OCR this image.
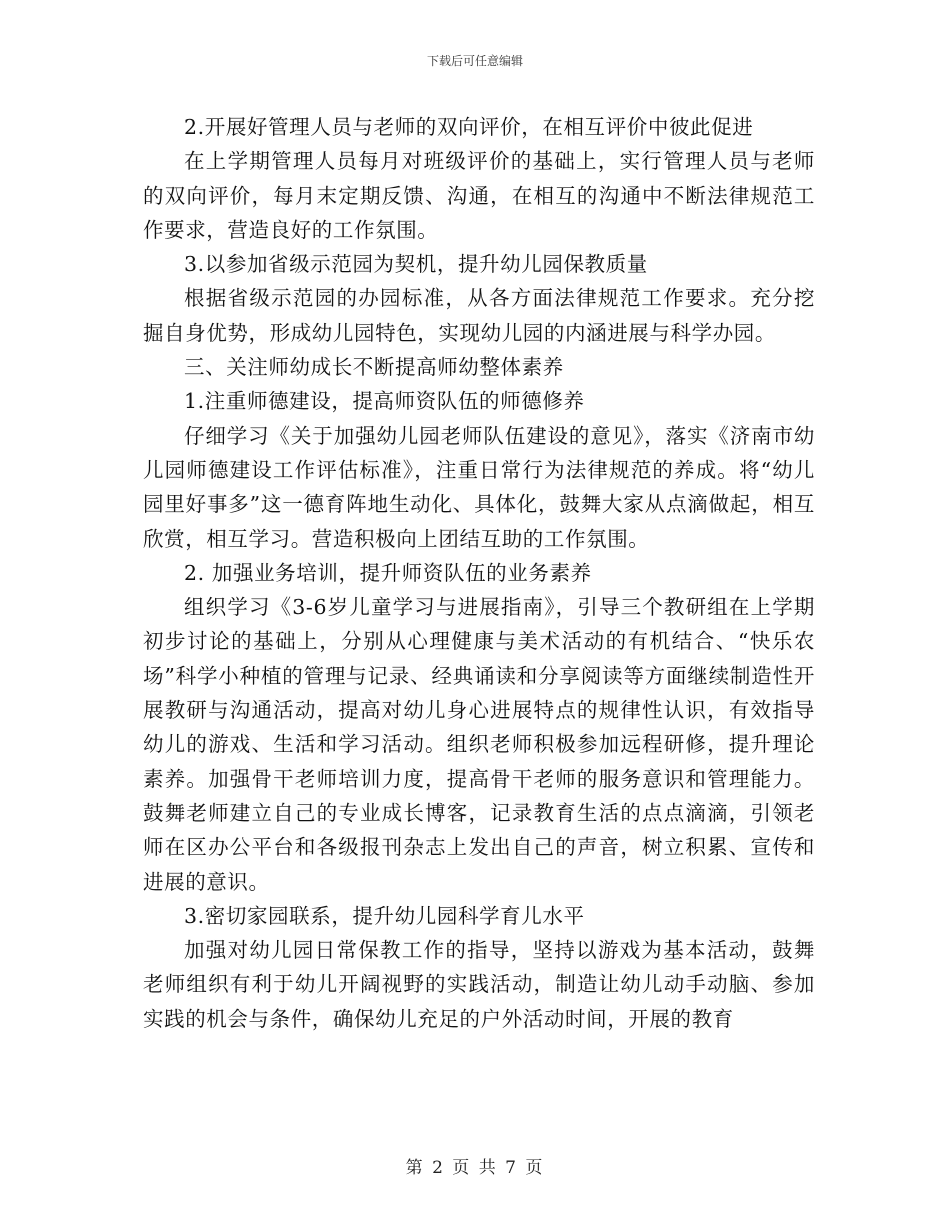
下载后可任意编辑

2.开展好管理人员与老师的双向评价，在相互评价中彼此促进

在上学期管理人员每月对班级评价的基础上，实行管理人员与老师的双向评价，每月末定期反馈、沟通，在相互的沟通中不断法律规范工作要求，营造良好的工作氛围。

3.以参加省级示范园为契机，提升幼儿园保教质量

根据省级示范园的办园标准，从各方面法律规范工作要求。充分挖掘自身优势，形成幼儿园特色，实现幼儿园的内涵进展与科学办园。

三、关注师幼成长不断提高师幼整体素养

1.注重师德建设，提高师资队伍的师德修养

仔细学习《关于加强幼儿园老师队伍建设的意见》，落实《济南市幼儿园师德建设工作评估标准》，注重日常行为法律规范的养成。将“幼儿园里好事多”这一德育阵地生动化、具体化，鼓舞大家从点滴做起，相互欣赏，相互学习。营造积极向上团结互助的工作氛围。

2. 加强业务培训，提升师资队伍的业务素养

组织学习《3-6岁儿童学习与进展指南》，引导三个教研组在上学期初步讨论的基础上，分别从心理健康与美术活动的有机结合、“快乐农场”科学小种植的管理与记录、经典诵读和分享阅读等方面继续制造性开展教研与沟通活动，提高对幼儿身心进展特点的规律性认识，有效指导幼儿的游戏、生活和学习活动。组织老师积极参加远程研修，提升理论素养。加强骨干老师培训力度，提高骨干老师的服务意识和管理能力。鼓舞老师建立自己的专业成长博客，记录教育生活的点点滴滴，引领老师在区办公平台和各级报刊杂志上发出自己的声音，树立积累、宣传和进展的意识。

3.密切家园联系，提升幼儿园科学育儿水平

加强对幼儿园日常保教工作的指导，坚持以游戏为基本活动，鼓舞老师组织有利于幼儿开阔视野的实践活动，制造让幼儿动手动脑、参加实践的机会与条件，确保幼儿充足的户外活动时间，开展的教育

第 2 页 共 7 页
